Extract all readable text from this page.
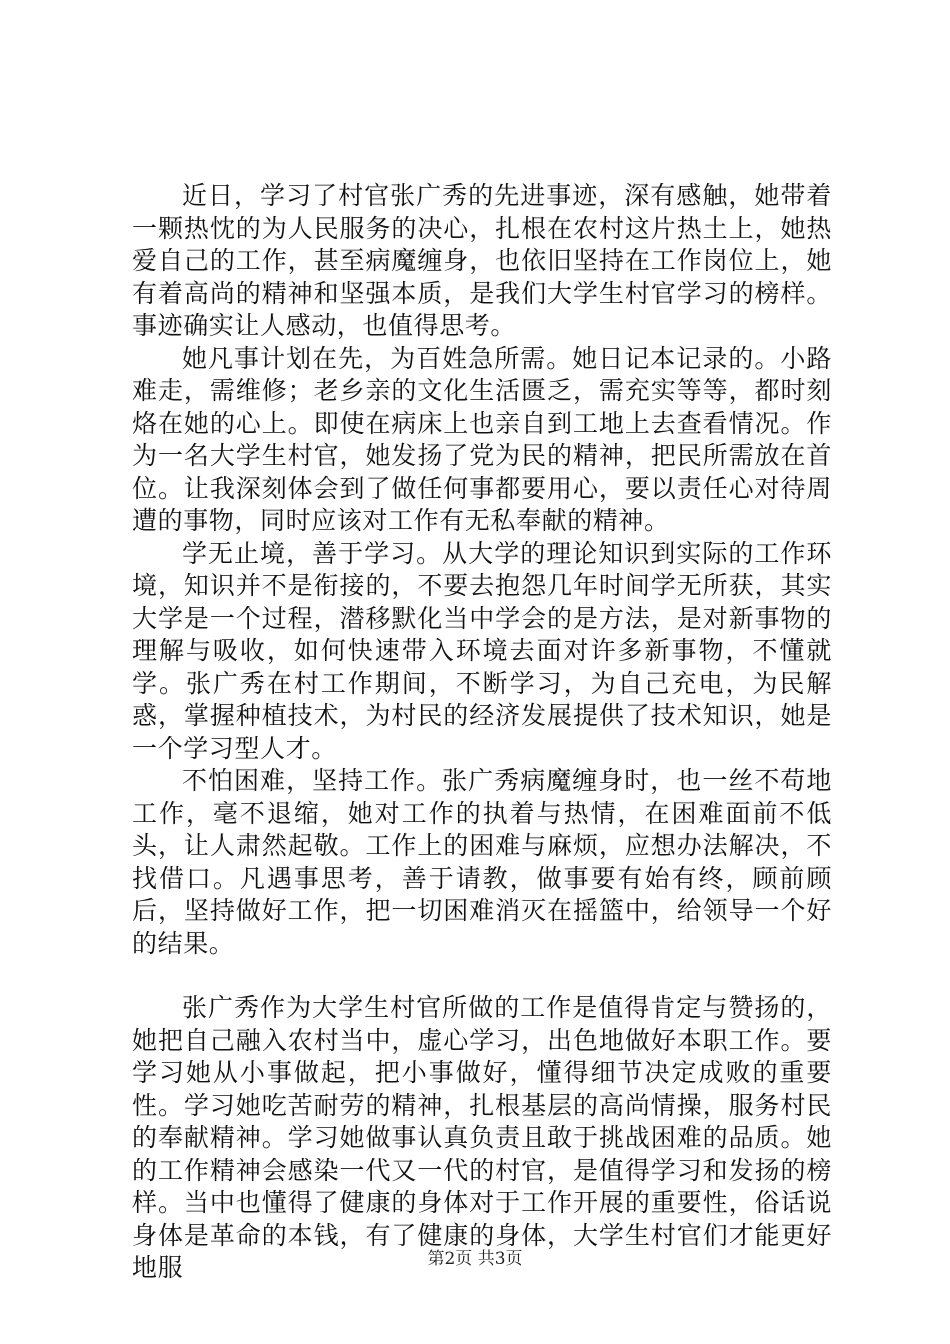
近日，学习了村官张广秀的先进事迹，深有感触，她带着一颗热忱的为人民服务的决心，扎根在农村这片热土上，她热爱自己的工作，甚至病魔缠身，也依旧坚持在工作岗位上，她有着高尚的精神和坚强本质，是我们大学生村官学习的榜样。事迹确实让人感动，也值得思考。

她凡事计划在先，为百姓急所需。她日记本记录的。小路难走，需维修；老乡亲的文化生活匮乏，需充实等等，都时刻烙在她的心上。即使在病床上也亲自到工地上去查看情况。作为一名大学生村官，她发扬了党为民的精神，把民所需放在首位。让我深刻体会到了做任何事都要用心，要以责任心对待周遭的事物，同时应该对工作有无私奉献的精神。

学无止境，善于学习。从大学的理论知识到实际的工作环境，知识并不是衔接的，不要去抱怨几年时间学无所获，其实大学是一个过程，潜移默化当中学会的是方法，是对新事物的理解与吸收，如何快速带入环境去面对许多新事物，不懂就学。张广秀在村工作期间，不断学习，为自己充电，为民解惑，掌握种植技术，为村民的经济发展提供了技术知识，她是一个学习型人才。

不怕困难，坚持工作。张广秀病魔缠身时，也一丝不苟地工作，毫不退缩，她对工作的执着与热情，在困难面前不低头，让人肃然起敬。工作上的困难与麻烦，应想办法解决，不找借口。凡遇事思考，善于请教，做事要有始有终，顾前顾后，坚持做好工作，把一切困难消灭在摇篮中，给领导一个好的结果。

张广秀作为大学生村官所做的工作是值得肯定与赞扬的，她把自己融入农村当中，虚心学习，出色地做好本职工作。要学习她从小事做起，把小事做好，懂得细节决定成败的重要性。学习她吃苦耐劳的精神，扎根基层的高尚情操，服务村民的奉献精神。学习她做事认真负责且敢于挑战困难的品质。她的工作精神会感染一代又一代的村官，是值得学习和发扬的榜样。当中也懂得了健康的身体对于工作开展的重要性，俗话说身体是革命的本钱，有了健康的身体，大学生村官们才能更好地服	第2页 共3页
